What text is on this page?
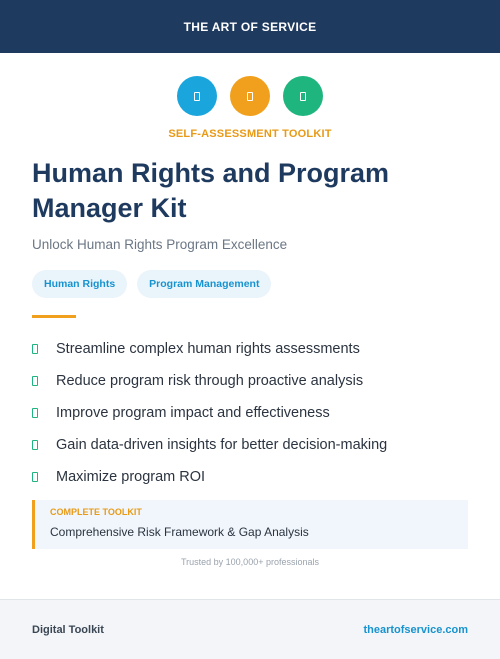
THE ART OF SERVICE
SELF-ASSESSMENT TOOLKIT
Human Rights and Program Manager Kit

Unlock Human Rights Program Excellence

Human Rights	Program Management
Streamline complex human rights assessments
Reduce program risk through proactive analysis
Improve program impact and effectiveness
Gain data-driven insights for better decision-making
Maximize program ROI
COMPLETE TOOLKIT
Comprehensive Risk Framework & Gap Analysis
Trusted by 100,000+ professionals
Digital Toolkit	theartofservice.com
